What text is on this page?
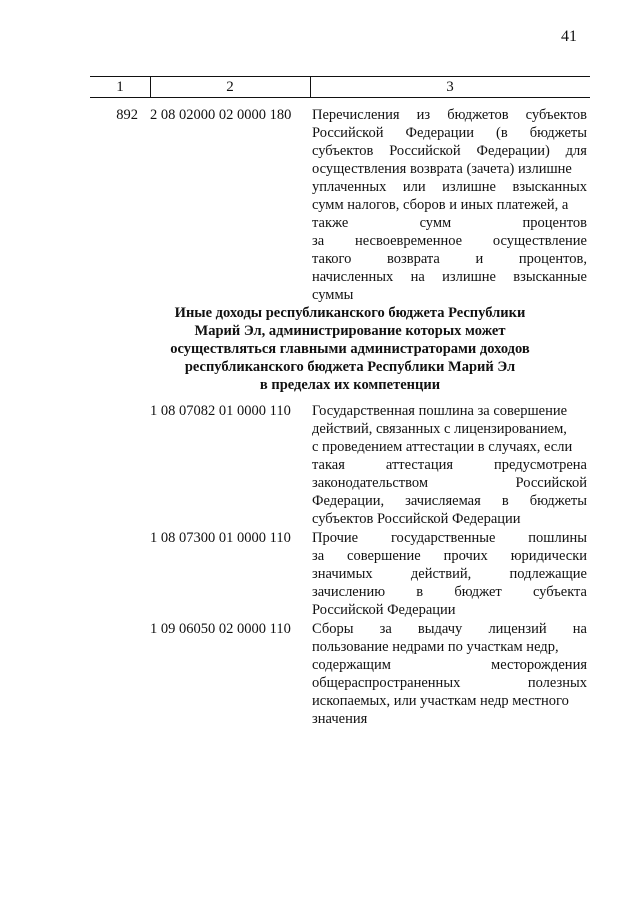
41
1	2	3
892 2 08 02000 02 0000 180	Перечисления из бюджетов субъектов
Российской Федерации (в бюджеты
субъектов Российской Федерации) для
осуществления возврата (зачета) излишне
уплаченных или излишне взысканных
сумм налогов, сборов и иных платежей, а
также	сумм	процентов
за несвоевременное осуществление
такого возврата и процентов,
начисленных на излишне взысканные
суммы
Иные доходы республиканского бюджета Республики
Марий Эл, администрирование которых может
осуществляться главными администраторами доходов
республиканского бюджета Республики Марий Эл
в пределах их компетенции
1 08 07082 01 0000 110	Государственная пошлина за совершение
действий, связанных с лицензированием,
с проведением аттестации в случаях, если
такая	аттестация	предусмотрена
законодательством	Российской
Федерации, зачисляемая в бюджеты
субъектов Российской Федерации
1 08 07300 01 0000 110	Прочие государственные пошлины
за совершение прочих юридически
значимых	действий,	подлежащие
зачислению в бюджет субъекта
Российской Федерации
1 09 06050 02 0000 110	Сборы за выдачу лицензий на
пользование недрами по участкам недр,
содержащим	месторождения
общераспространенных	полезных
ископаемых, или участкам недр местного
значения
